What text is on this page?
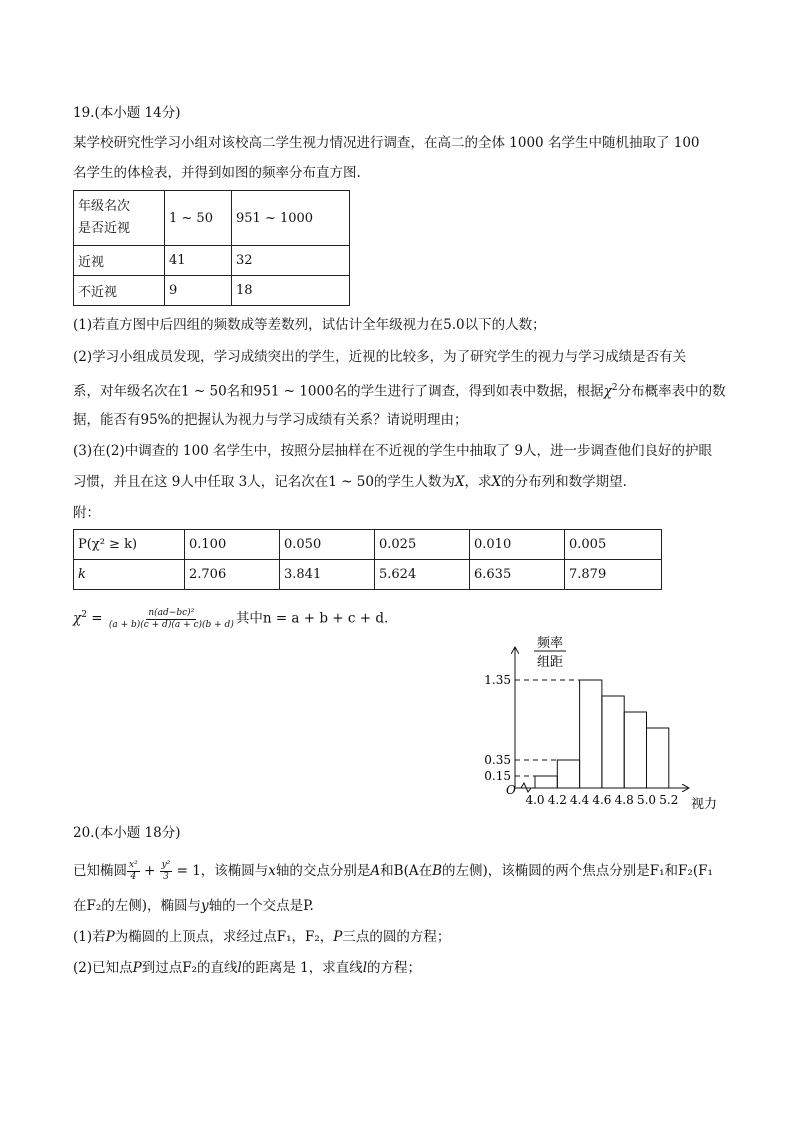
19.(本小题 14分)
某学校研究性学习小组对该校高二学生视力情况进行调查，在高二的全体 1000 名学生中随机抽取了 100
名学生的体检表，并得到如图的频率分布直方图.
年级名次
是否近视	1 ~ 50	951 ~ 1000
近视	41	32
不近视	9	18
(1)若直方图中后四组的频数成等差数列，试估计全年级视力在5.0以下的人数；
(2)学习小组成员发现，学习成绩突出的学生，近视的比较多，为了研究学生的视力与学习成绩是否有关
系，对年级名次在1 ~ 50名和951 ~ 1000名的学生进行了调查，得到如表中数据，根据$\chi^2$分布概率表中的数
据，能否有95%的把握认为视力与学习成绩有关系？请说明理由；
(3)在(2)中调查的 100 名学生中，按照分层抽样在不近视的学生中抽取了 9人，进一步调查他们良好的护眼
习惯，并且在这 9人中任取 3人，记名次在1 ~ 50的学生人数为X，求X的分布列和数学期望.
附：
P(χ² ≥ k)	0.100	0.050	0.025	0.010	0.005
k	2.706	3.841	5.624	6.635	7.879
$\chi^2 = \frac{\text{n(ad−bc)²}}{(a + b)(c + d)(a + c)(b + d)}$ 其中n = a + b + c + d.
频率
组距
O
视力
0.15
0.35
1.35
4.0 4.2 4.4 4.6 4.8 5.0 5.2
20.(本小题 18分)
已知椭圆 $\frac{\text{x²}}{4} + \frac{\text{y²}}{3} = 1$，该椭圆与x轴的交点分别是A和B(A在B的左侧)，该椭圆的两个焦点分别是F₁和F₂(F₁
在F₂的左侧)，椭圆与y轴的一个交点是P.
(1)若P为椭圆的上顶点，求经过点F₁，F₂，P三点的圆的方程；
(2)已知点P到过点F₂的直线l的距离是 1，求直线l的方程；
